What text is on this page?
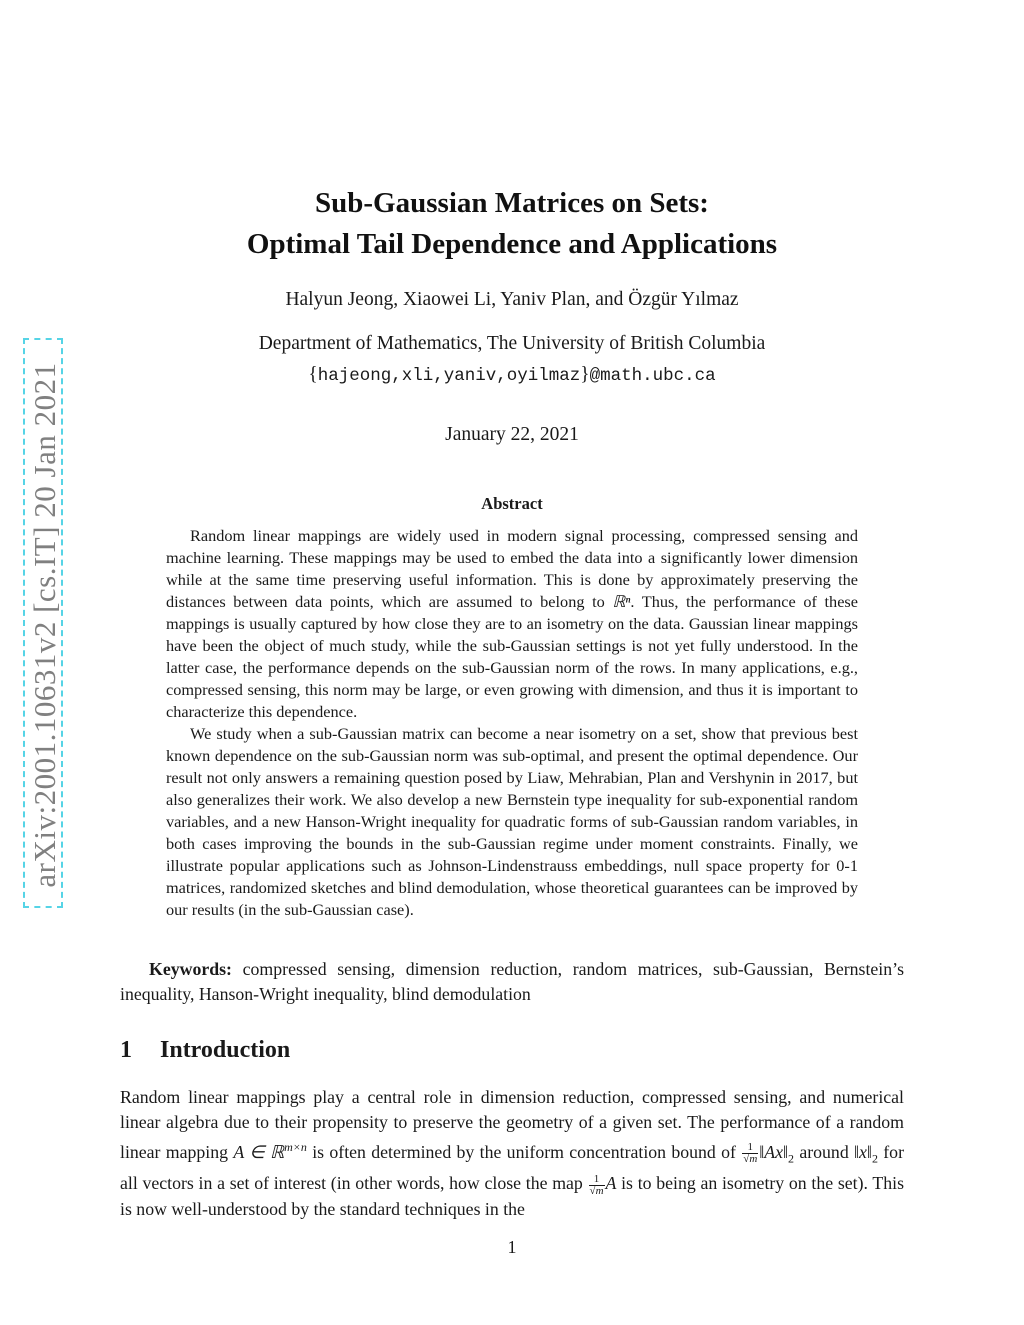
arXiv:2001.10631v2 [cs.IT] 20 Jan 2021
Sub-Gaussian Matrices on Sets:
Optimal Tail Dependence and Applications
Halyun Jeong, Xiaowei Li, Yaniv Plan, and Özgür Yılmaz
Department of Mathematics, The University of British Columbia
{hajeong,xli,yaniv,oyilmaz}@math.ubc.ca
January 22, 2021
Abstract

Random linear mappings are widely used in modern signal processing, compressed sensing and machine learning. These mappings may be used to embed the data into a significantly lower dimension while at the same time preserving useful information. This is done by approximately preserving the distances between data points, which are assumed to belong to ℝⁿ. Thus, the performance of these mappings is usually captured by how close they are to an isometry on the data. Gaussian linear mappings have been the object of much study, while the sub-Gaussian settings is not yet fully understood. In the latter case, the performance depends on the sub-Gaussian norm of the rows. In many applications, e.g., compressed sensing, this norm may be large, or even growing with dimension, and thus it is important to characterize this dependence.

We study when a sub-Gaussian matrix can become a near isometry on a set, show that previous best known dependence on the sub-Gaussian norm was sub-optimal, and present the optimal dependence. Our result not only answers a remaining question posed by Liaw, Mehrabian, Plan and Vershynin in 2017, but also generalizes their work. We also develop a new Bernstein type inequality for sub-exponential random variables, and a new Hanson-Wright inequality for quadratic forms of sub-Gaussian random variables, in both cases improving the bounds in the sub-Gaussian regime under moment constraints. Finally, we illustrate popular applications such as Johnson-Lindenstrauss embeddings, null space property for 0-1 matrices, randomized sketches and blind demodulation, whose theoretical guarantees can be improved by our results (in the sub-Gaussian case).

Keywords: compressed sensing, dimension reduction, random matrices, sub-Gaussian, Bernstein’s inequality, Hanson-Wright inequality, blind demodulation
1 Introduction

Random linear mappings play a central role in dimension reduction, compressed sensing, and numerical linear algebra due to their propensity to preserve the geometry of a given set. The performance of a random linear mapping A ∈ ℝ$^{m\times n}$ is often determined by the uniform concentration bound of $\frac{1}{√m}$ $‖Ax‖_2$ around $‖x‖_2$ for all vectors in a set of interest (in other words, how close the map $\frac{1}{√m}$ A is to being an isometry on the set). This is now well-understood by the standard techniques in the

1
